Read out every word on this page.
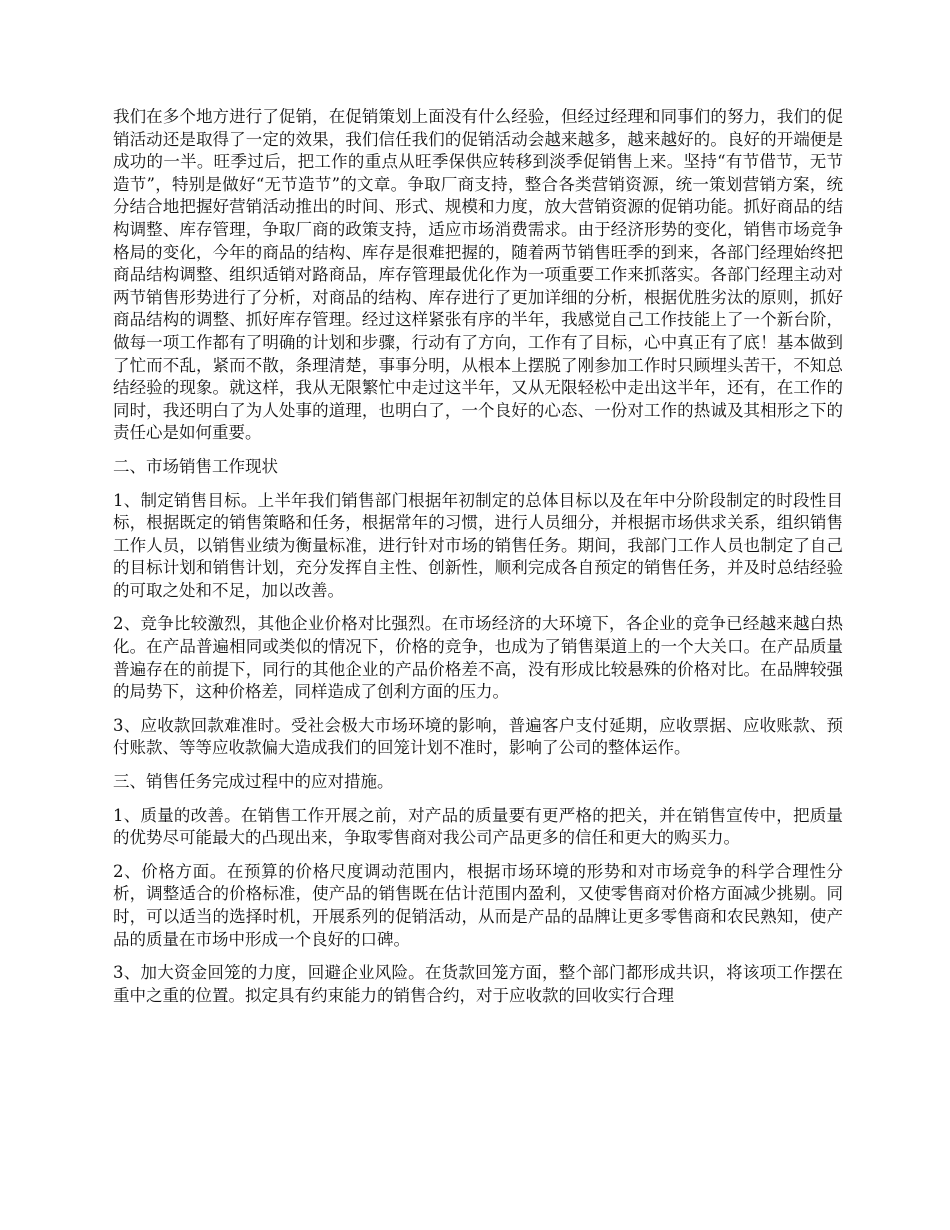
我们在多个地方进行了促销，在促销策划上面没有什么经验，但经过经理和同事们的努力，我们的促销活动还是取得了一定的效果，我们信任我们的促销活动会越来越多，越来越好的。良好的开端便是成功的一半。旺季过后，把工作的重点从旺季保供应转移到淡季促销售上来。坚持“有节借节，无节造节”，特别是做好“无节造节”的文章。争取厂商支持，整合各类营销资源，统一策划营销方案，统分结合地把握好营销活动推出的时间、形式、规模和力度，放大营销资源的促销功能。抓好商品的结构调整、库存管理，争取厂商的政策支持，适应市场消费需求。由于经济形势的变化，销售市场竞争格局的变化，今年的商品的结构、库存是很难把握的，随着两节销售旺季的到来，各部门经理始终把商品结构调整、组织适销对路商品，库存管理最优化作为一项重要工作来抓落实。各部门经理主动对两节销售形势进行了分析，对商品的结构、库存进行了更加详细的分析，根据优胜劣汰的原则，抓好商品结构的调整、抓好库存管理。经过这样紧张有序的半年，我感觉自己工作技能上了一个新台阶，做每一项工作都有了明确的计划和步骤，行动有了方向，工作有了目标，心中真正有了底！基本做到了忙而不乱，紧而不散，条理清楚，事事分明，从根本上摆脱了刚参加工作时只顾埋头苦干，不知总结经验的现象。就这样，我从无限繁忙中走过这半年，又从无限轻松中走出这半年，还有，在工作的同时，我还明白了为人处事的道理，也明白了，一个良好的心态、一份对工作的热诚及其相形之下的责任心是如何重要。

二、市场销售工作现状

1、制定销售目标。上半年我们销售部门根据年初制定的总体目标以及在年中分阶段制定的时段性目标，根据既定的销售策略和任务，根据常年的习惯，进行人员细分，并根据市场供求关系，组织销售工作人员，以销售业绩为衡量标准，进行针对市场的销售任务。期间，我部门工作人员也制定了自己的目标计划和销售计划，充分发挥自主性、创新性，顺利完成各自预定的销售任务，并及时总结经验的可取之处和不足，加以改善。

2、竞争比较激烈，其他企业价格对比强烈。在市场经济的大环境下，各企业的竞争已经越来越白热化。在产品普遍相同或类似的情况下，价格的竞争，也成为了销售渠道上的一个大关口。在产品质量普遍存在的前提下，同行的其他企业的产品价格差不高，没有形成比较悬殊的价格对比。在品牌较强的局势下，这种价格差，同样造成了创利方面的压力。

3、应收款回款难准时。受社会极大市场环境的影响，普遍客户支付延期，应收票据、应收账款、预付账款、等等应收款偏大造成我们的回笼计划不准时，影响了公司的整体运作。

三、销售任务完成过程中的应对措施。

1、质量的改善。在销售工作开展之前，对产品的质量要有更严格的把关，并在销售宣传中，把质量的优势尽可能最大的凸现出来，争取零售商对我公司产品更多的信任和更大的购买力。

2、价格方面。在预算的价格尺度调动范围内，根据市场环境的形势和对市场竞争的科学合理性分析，调整适合的价格标准，使产品的销售既在估计范围内盈利，又使零售商对价格方面减少挑剔。同时，可以适当的选择时机，开展系列的促销活动，从而是产品的品牌让更多零售商和农民熟知，使产品的质量在市场中形成一个良好的口碑。

3、加大资金回笼的力度，回避企业风险。在货款回笼方面，整个部门都形成共识，将该项工作摆在重中之重的位置。拟定具有约束能力的销售合约，对于应收款的回收实行合理
